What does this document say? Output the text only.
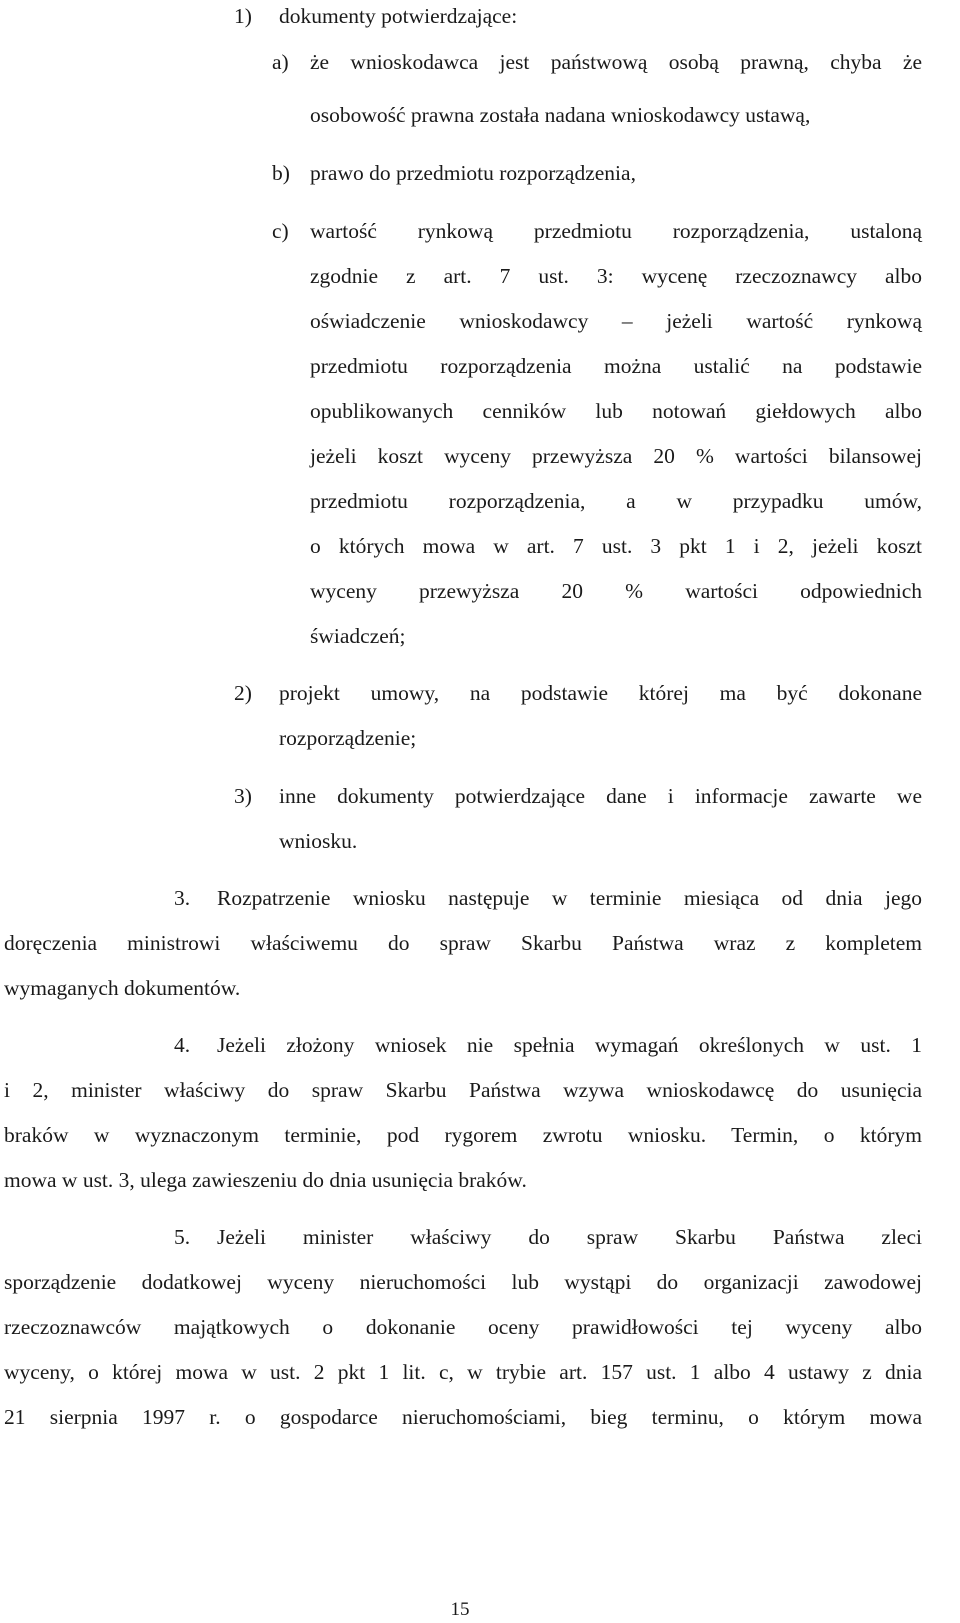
1) dokumenty potwierdzające:
a) że wnioskodawca jest państwową osobą prawną, chyba że
osobowość prawna została nadana wnioskodawcy ustawą,
b) prawo do przedmiotu rozporządzenia,
c) wartość rynkową przedmiotu rozporządzenia, ustaloną
zgodnie z art. 7 ust. 3: wycenę rzeczoznawcy albo
oświadczenie wnioskodawcy – jeżeli wartość rynkową
przedmiotu rozporządzenia można ustalić na podstawie
opublikowanych cenników lub notowań giełdowych albo
jeżeli koszt wyceny przewyższa 20 % wartości bilansowej
przedmiotu rozporządzenia, a w przypadku umów,
o których mowa w art. 7 ust. 3 pkt 1 i 2, jeżeli koszt
wyceny przewyższa 20 % wartości odpowiednich
świadczeń;
2) projekt umowy, na podstawie której ma być dokonane
rozporządzenie;
3) inne dokumenty potwierdzające dane i informacje zawarte we
wniosku.
3. Rozpatrzenie wniosku następuje w terminie miesiąca od dnia jego
doręczenia ministrowi właściwemu do spraw Skarbu Państwa wraz z kompletem
wymaganych dokumentów.
4. Jeżeli złożony wniosek nie spełnia wymagań określonych w ust. 1
i 2, minister właściwy do spraw Skarbu Państwa wzywa wnioskodawcę do usunięcia
braków w wyznaczonym terminie, pod rygorem zwrotu wniosku. Termin, o którym
mowa w ust. 3, ulega zawieszeniu do dnia usunięcia braków.
5. Jeżeli minister właściwy do spraw Skarbu Państwa zleci
sporządzenie dodatkowej wyceny nieruchomości lub wystąpi do organizacji zawodowej
rzeczoznawców majątkowych o dokonanie oceny prawidłowości tej wyceny albo
wyceny, o której mowa w ust. 2 pkt 1 lit. c, w trybie art. 157 ust. 1 albo 4 ustawy z dnia
21 sierpnia 1997 r. o gospodarce nieruchomościami, bieg terminu, o którym mowa
15
